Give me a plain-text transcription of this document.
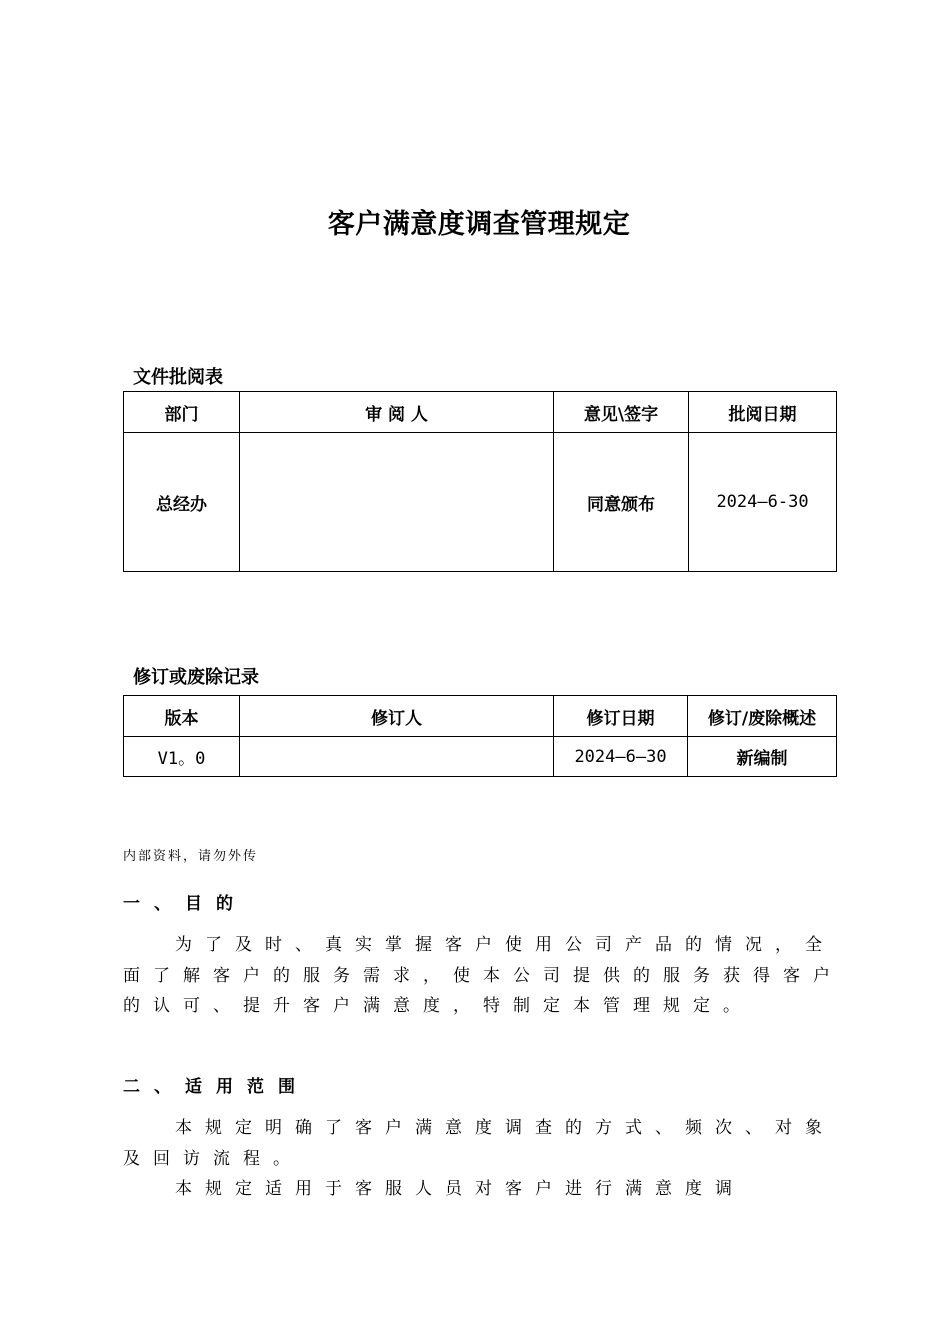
客户满意度调查管理规定
文件批阅表
部门	审 阅 人	意见\签字	批阅日期
总经办		同意颁布	2024—6-30
修订或废除记录
版本	修订人	修订日期	修订/废除概述
V1。0		2024—6—30	新编制
内部资料，请勿外传
一、目的
为了及时、真实掌握客户使用公司产品的情况，全面了解客户的服务需求，使本公司提供的服务获得客户的认可、提升客户满意度，特制定本管理规定。
二、适用范围
本规定明确了客户满意度调查的方式、频次、对象及回访流程。
本规定适用于客服人员对客户进行满意度调
